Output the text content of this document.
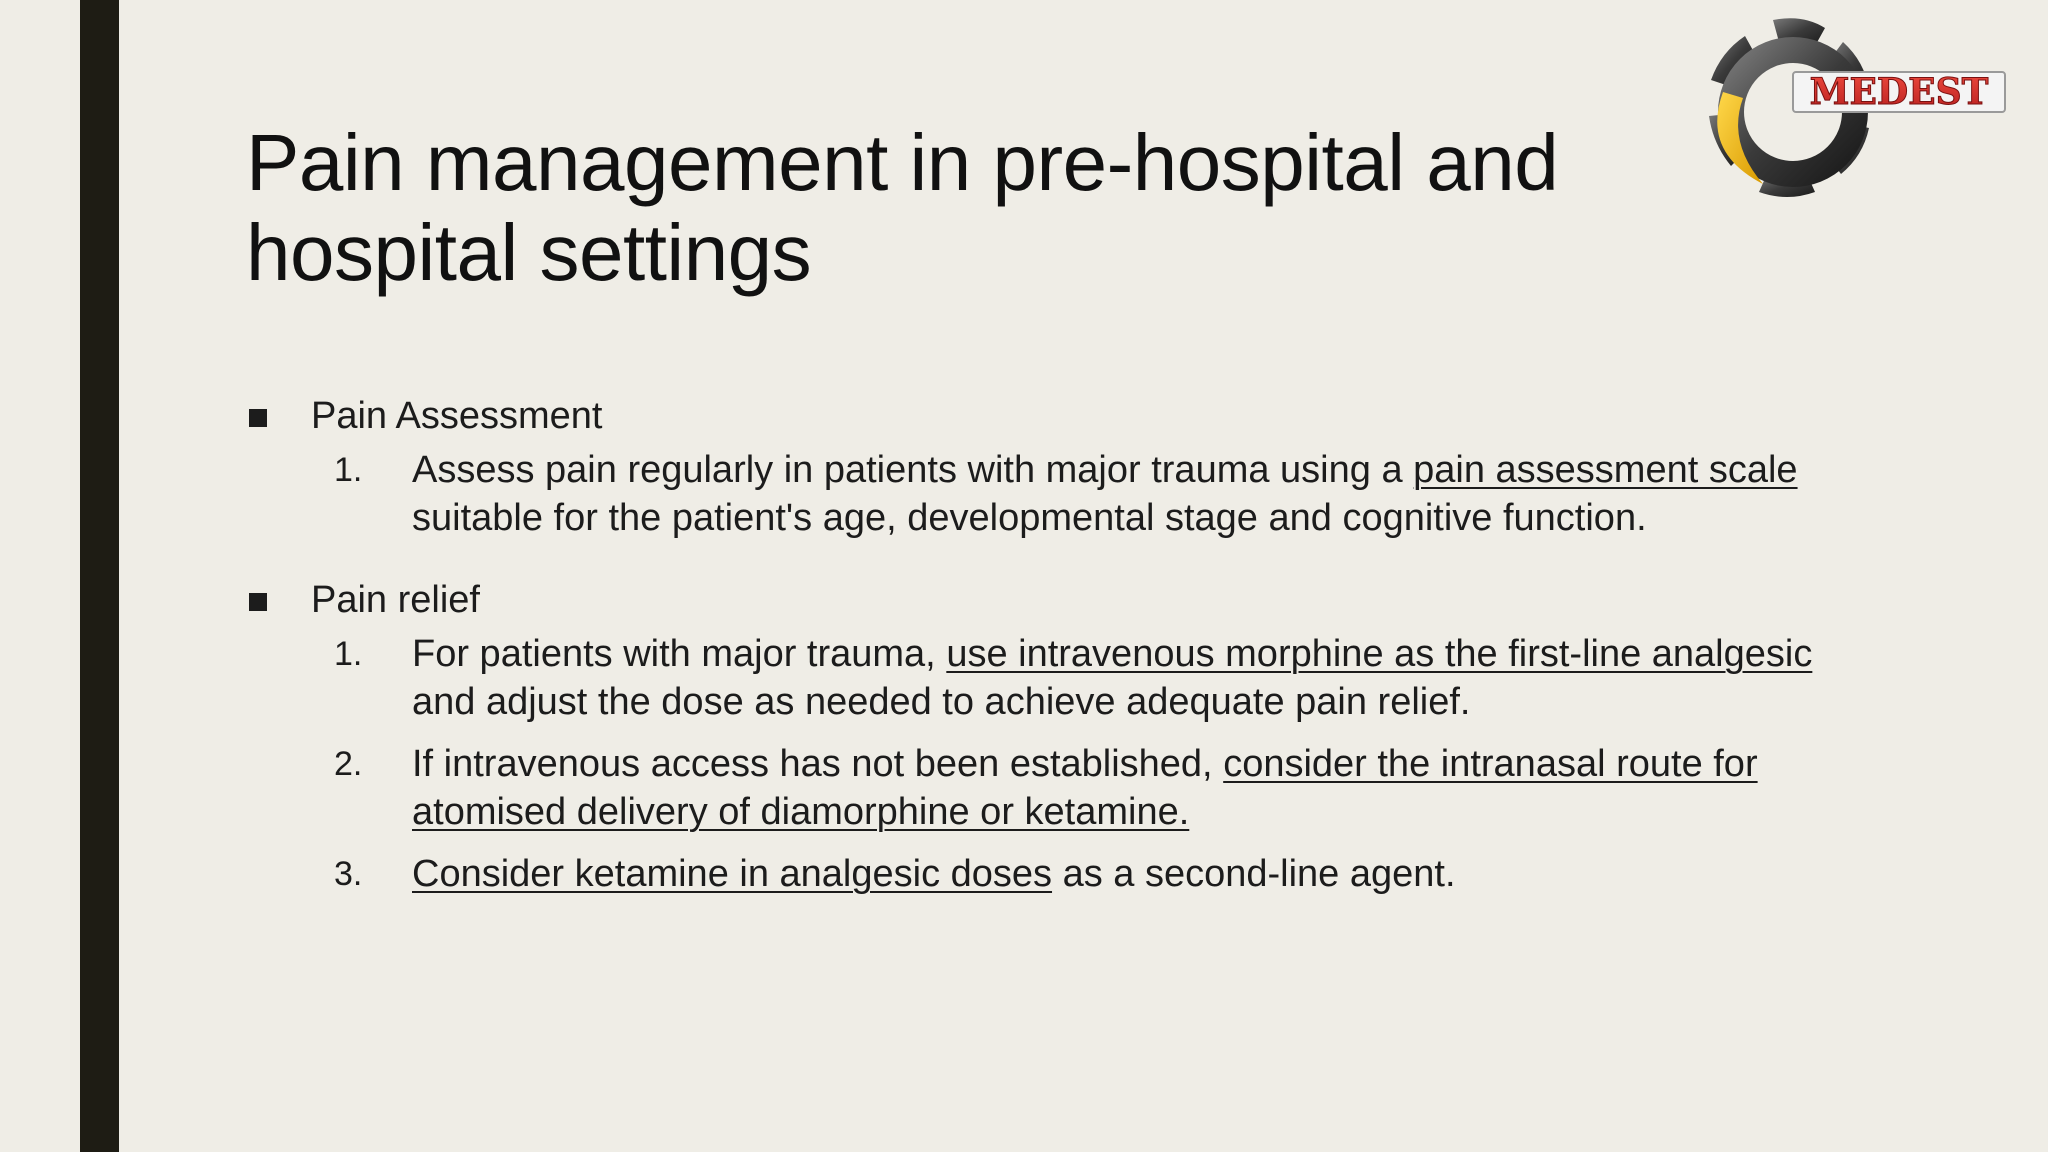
MEDEST
Pain management in pre-hospital and
hospital settings
Pain Assessment
1. Assess pain regularly in patients with major trauma using a pain assessment scale suitable for the patient's age, developmental stage and cognitive function.
Pain relief
1. For patients with major trauma, use intravenous morphine as the first-line analgesic and adjust the dose as needed to achieve adequate pain relief.
2. If intravenous access has not been established, consider the intranasal route for atomised delivery of diamorphine or ketamine.
3. Consider ketamine in analgesic doses as a second-line agent.
